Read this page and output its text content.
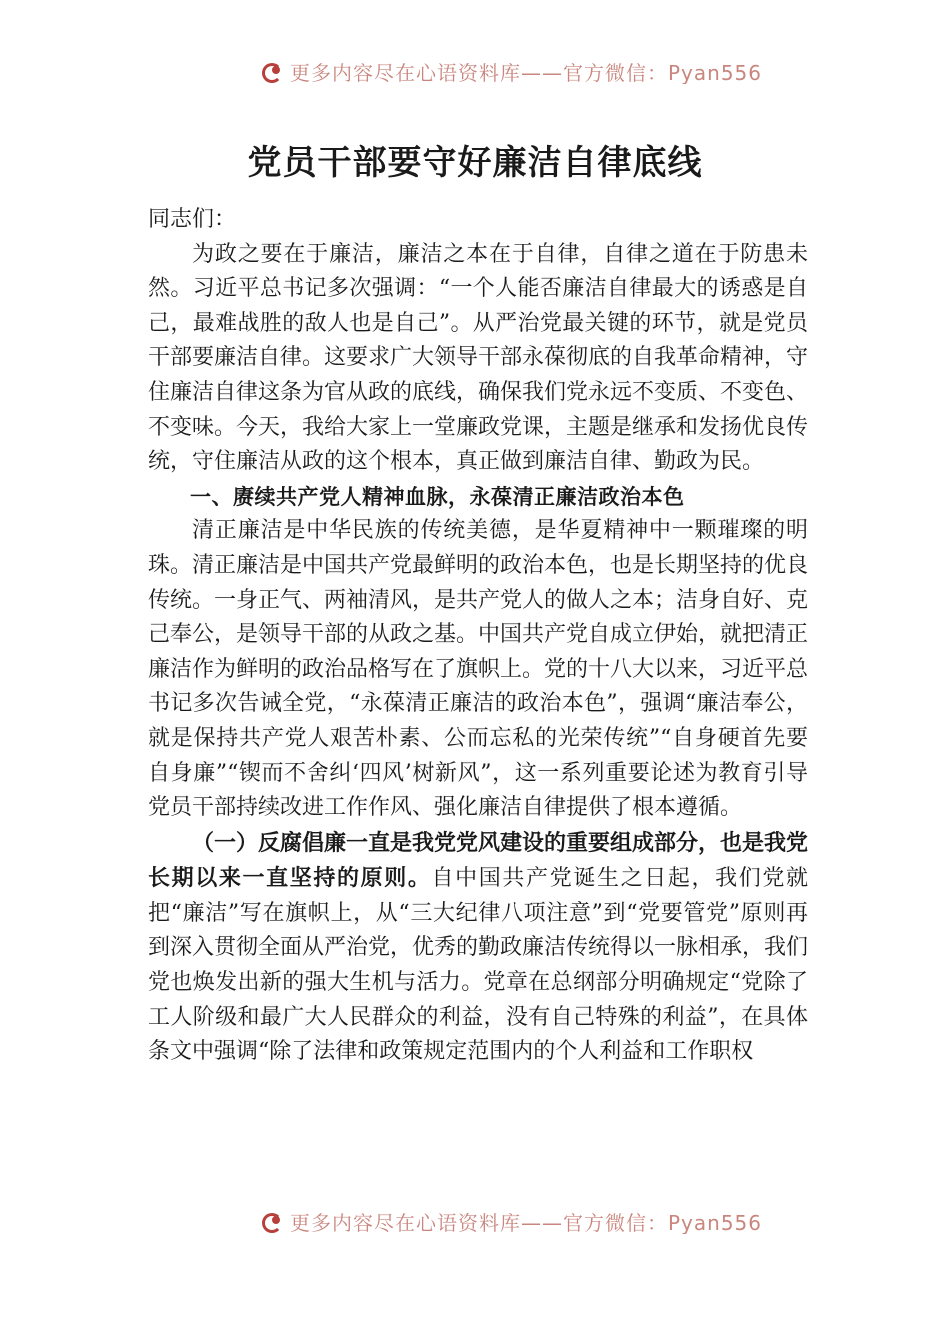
更多内容尽在心语资料库——官方微信：Pyan556
党员干部要守好廉洁自律底线

同志们：

为政之要在于廉洁，廉洁之本在于自律，自律之道在于防患未然。习近平总书记多次强调：“一个人能否廉洁自律最大的诱惑是自己，最难战胜的敌人也是自己”。从严治党最关键的环节，就是党员干部要廉洁自律。这要求广大领导干部永葆彻底的自我革命精神，守住廉洁自律这条为官从政的底线，确保我们党永远不变质、不变色、不变味。今天，我给大家上一堂廉政党课，主题是继承和发扬优良传统，守住廉洁从政的这个根本，真正做到廉洁自律、勤政为民。

一、赓续共产党人精神血脉，永葆清正廉洁政治本色

清正廉洁是中华民族的传统美德，是华夏精神中一颗璀璨的明珠。清正廉洁是中国共产党最鲜明的政治本色，也是长期坚持的优良传统。一身正气、两袖清风，是共产党人的做人之本；洁身自好、克己奉公，是领导干部的从政之基。中国共产党自成立伊始，就把清正廉洁作为鲜明的政治品格写在了旗帜上。党的十八大以来，习近平总书记多次告诫全党，“永葆清正廉洁的政治本色”，强调“廉洁奉公，就是保持共产党人艰苦朴素、公而忘私的光荣传统”“自身硬首先要自身廉”“锲而不舍纠‘四风’树新风”，这一系列重要论述为教育引导党员干部持续改进工作作风、强化廉洁自律提供了根本遵循。

（一）反腐倡廉一直是我党党风建设的重要组成部分，也是我党长期以来一直坚持的原则。自中国共产党诞生之日起，我们党就把“廉洁”写在旗帜上，从“三大纪律八项注意”到“党要管党”原则再到深入贯彻全面从严治党，优秀的勤政廉洁传统得以一脉相承，我们党也焕发出新的强大生机与活力。党章在总纲部分明确规定“党除了工人阶级和最广大人民群众的利益，没有自己特殊的利益”，在具体条文中强调“除了法律和政策规定范围内的个人利益和工作职权

更多内容尽在心语资料库——官方微信：Pyan556
